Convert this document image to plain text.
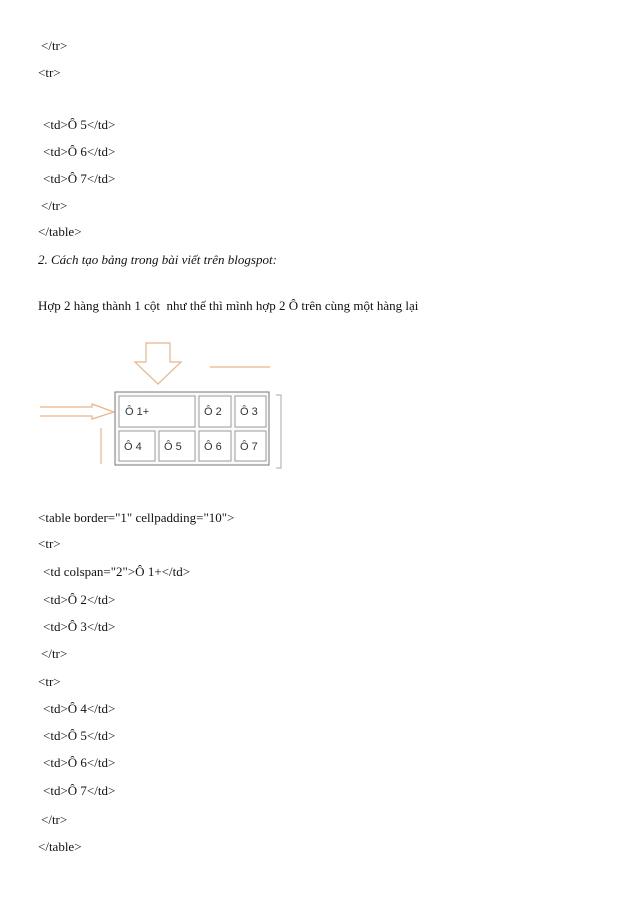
</tr>
<tr>
<td>Ô 5</td>
<td>Ô 6</td>
<td>Ô 7</td>
</tr>
</table>
2. Cách tạo bảng trong bài viết trên blogspot:
Hợp 2 hàng thành 1 cột  như thế thì mình hợp 2 Ô trên cùng một hàng lại
Ô 1+	Ô 2 Ô 3
Ô 4 Ô 5 Ô 6 Ô 7
<table border="1" cellpadding="10">
<tr>
<td colspan="2">Ô 1+</td>
<td>Ô 2</td>
<td>Ô 3</td>
</tr>
<tr>
<td>Ô 4</td>
<td>Ô 5</td>
<td>Ô 6</td>
<td>Ô 7</td>
</tr>
</table>
